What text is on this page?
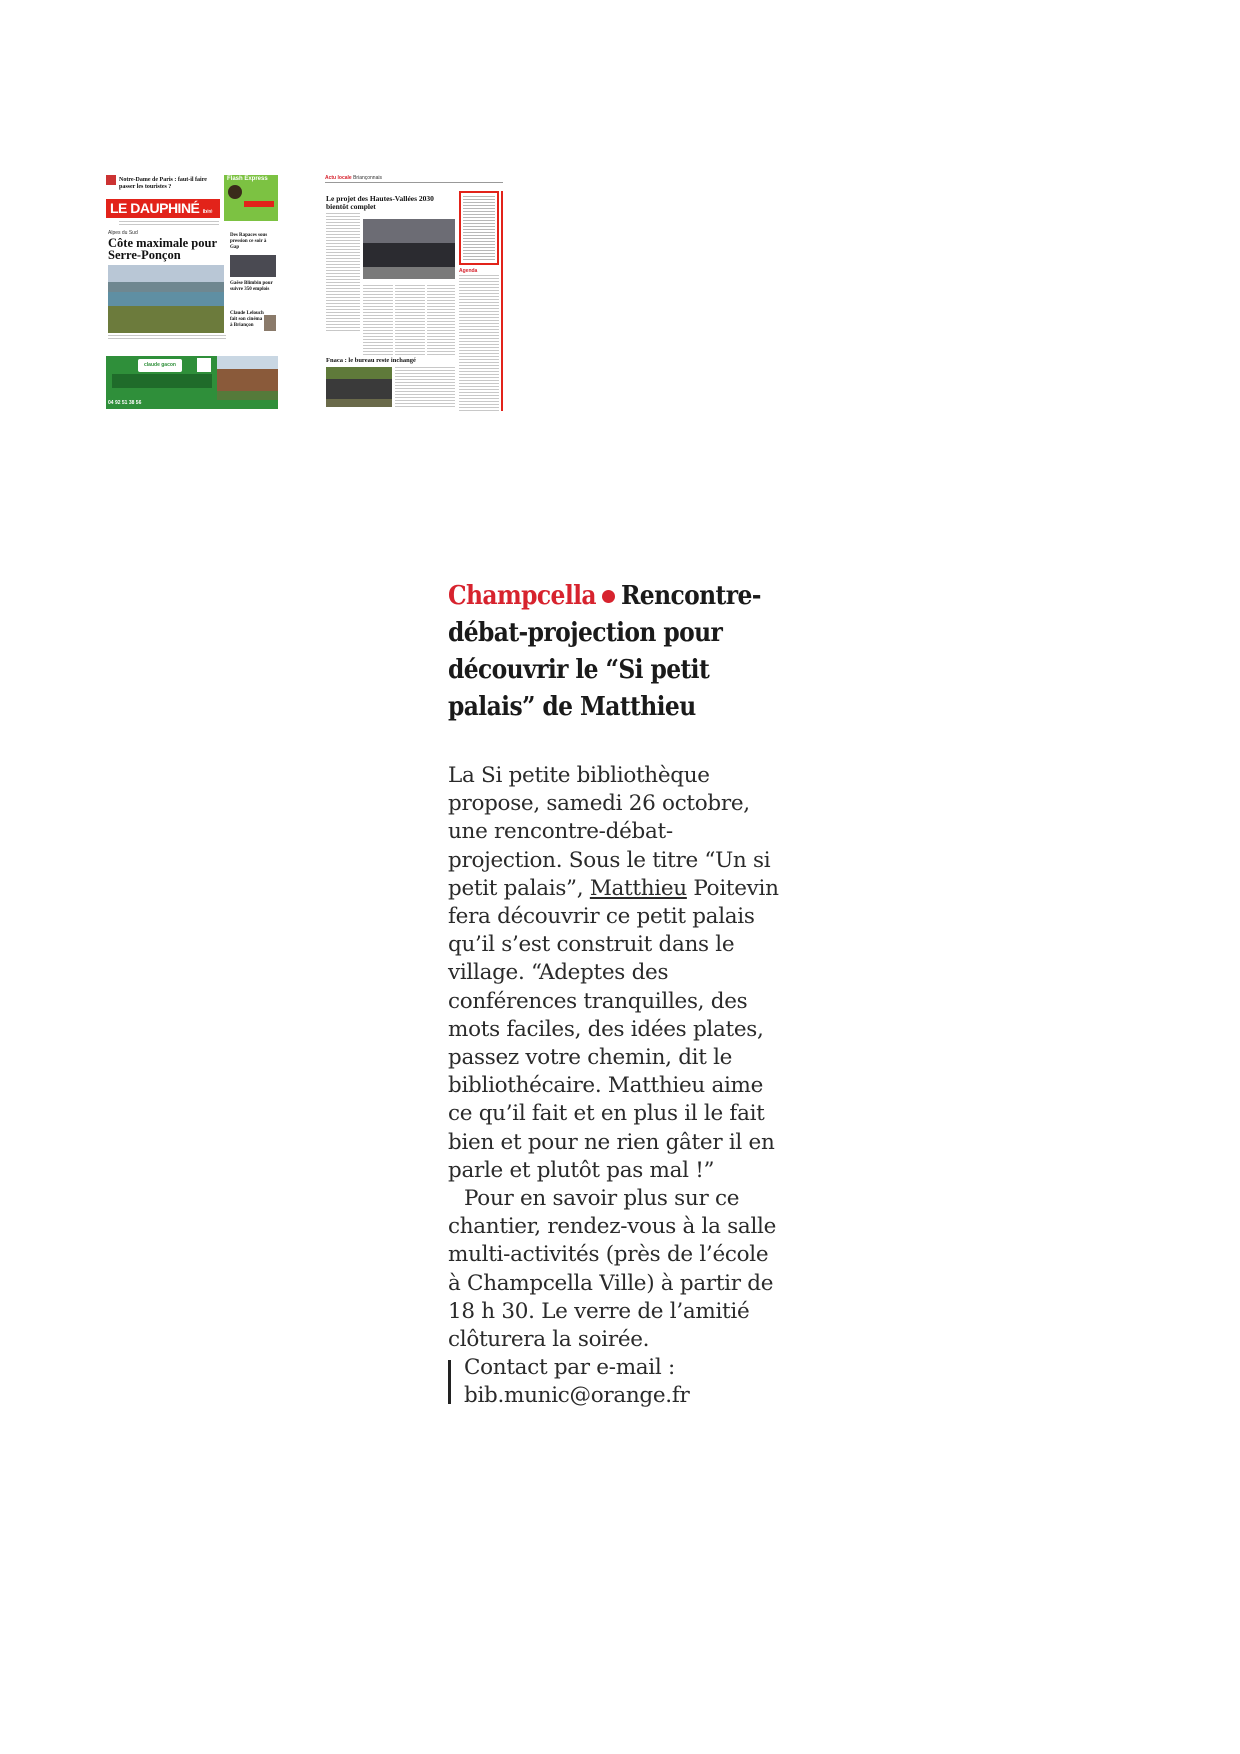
Notre-Dame de Paris : faut-il faire passer les touristes ?
Flash Express
LE DAUPHINÉ libéré
Alpes du Sud
Côte maximale pour Serre-Ponçon
Des Rapaces sous pression ce soir à Gap
Gaëse Blimbin pour suivre 350 emplois
Claude Lelouch fait son cinéma à Briançon
claude gacon
04 92 51 38 56
Actu locale Briançonnais
Le projet des Hautes-Vallées 2030 bientôt complet
Agenda
Fnaca : le bureau reste inchangé
Champcella Rencontre-débat-projection pour découvrir le “Si petit palais” de Matthieu

La Si petite bibliothèque propose, samedi 26 octobre, une rencontre-débat-projection. Sous le titre “Un si petit palais”, Matthieu Poitevin fera découvrir ce petit palais qu’il s’est construit dans le village. “Adeptes des conférences tranquilles, des mots faciles, des idées plates, passez votre chemin, dit le bibliothécaire. Matthieu aime ce qu’il fait et en plus il le fait bien et pour ne rien gâter il en parle et plutôt pas mal !”

Pour en savoir plus sur ce chantier, rendez-vous à la salle multi-activités (près de l’école à Champcella Ville) à partir de 18 h 30. Le verre de l’amitié clôturera la soirée.

Contact par e-mail : bib.munic@orange.fr
